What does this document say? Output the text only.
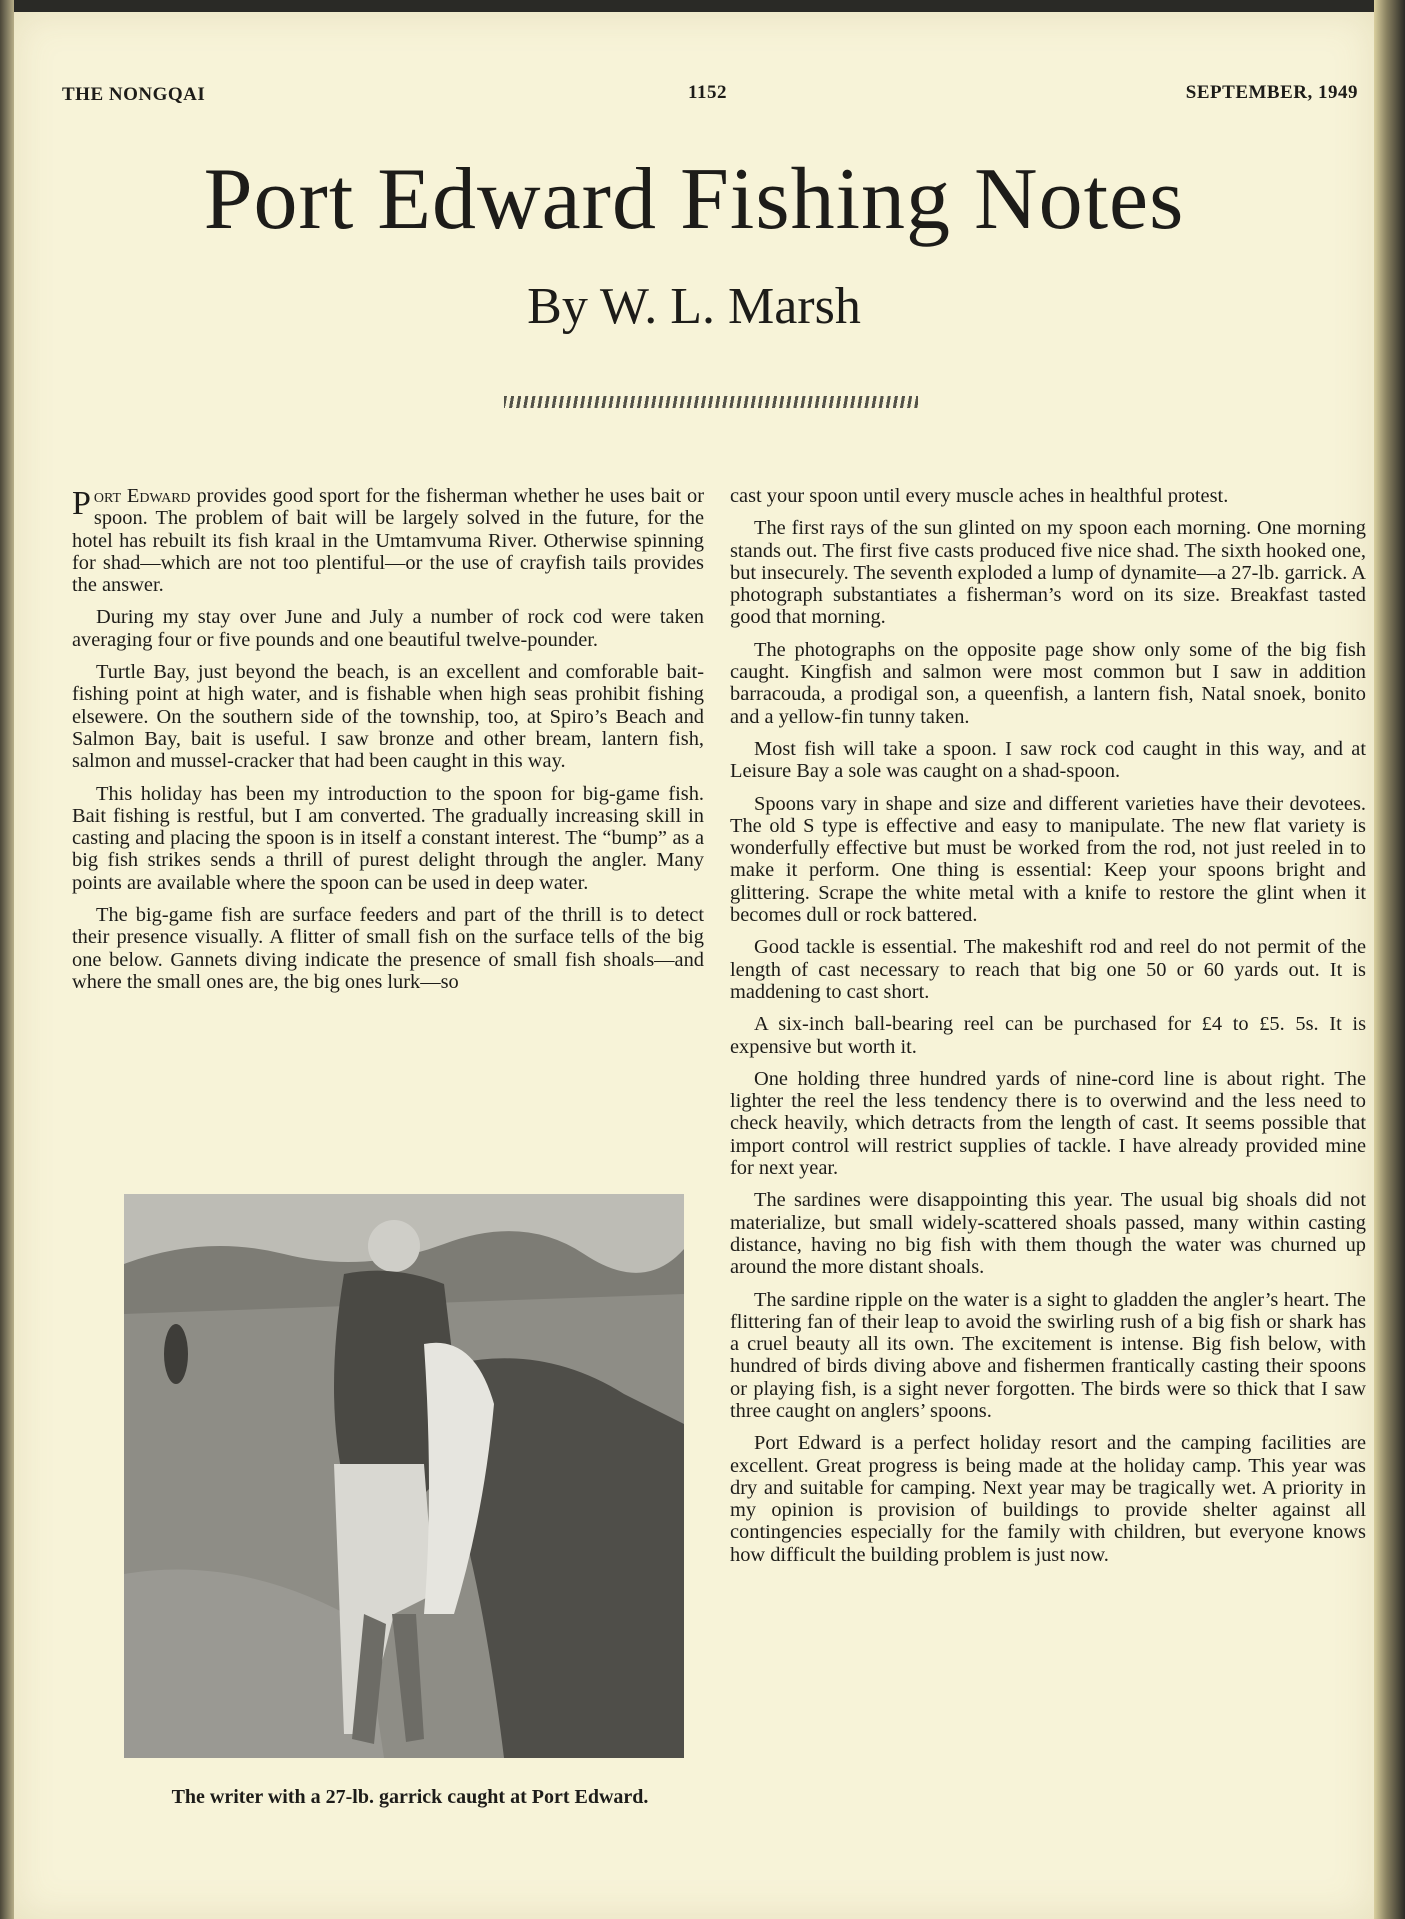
THE NONGQAI	1152	SEPTEMBER, 1949
Port Edward Fishing Notes
By W. L. Marsh

Port Edward provides good sport for the fisherman whether he uses bait or spoon. The problem of bait will be largely solved in the future, for the hotel has rebuilt its fish kraal in the Umtamvuma River. Otherwise spinning for shad—which are not too plentiful—or the use of crayfish tails provides the answer.

During my stay over June and July a number of rock cod were taken averaging four or five pounds and one beautiful twelve-pounder.

Turtle Bay, just beyond the beach, is an excellent and comforable bait-fishing point at high water, and is fishable when high seas prohibit fishing elsewere. On the southern side of the township, too, at Spiro’s Beach and Salmon Bay, bait is useful. I saw bronze and other bream, lantern fish, salmon and mussel-cracker that had been caught in this way.

This holiday has been my introduction to the spoon for big-game fish. Bait fishing is restful, but I am converted. The gradually increasing skill in casting and placing the spoon is in itself a constant interest. The “bump” as a big fish strikes sends a thrill of purest delight through the angler. Many points are available where the spoon can be used in deep water.

The big-game fish are surface feeders and part of the thrill is to detect their presence visually. A flitter of small fish on the surface tells of the big one below. Gannets diving indicate the presence of small fish shoals—and where the small ones are, the big ones lurk—so

cast your spoon until every muscle aches in healthful protest.

The first rays of the sun glinted on my spoon each morning. One morning stands out. The first five casts produced five nice shad. The sixth hooked one, but insecurely. The seventh exploded a lump of dynamite—a 27-lb. garrick. A photograph substantiates a fisherman’s word on its size. Breakfast tasted good that morning.

The photographs on the opposite page show only some of the big fish caught. Kingfish and salmon were most common but I saw in addition barracouda, a prodigal son, a queenfish, a lantern fish, Natal snoek, bonito and a yellow-fin tunny taken.

Most fish will take a spoon. I saw rock cod caught in this way, and at Leisure Bay a sole was caught on a shad-spoon.

Spoons vary in shape and size and different varieties have their devotees. The old S type is effective and easy to manipulate. The new flat variety is wonderfully effective but must be worked from the rod, not just reeled in to make it perform. One thing is essential: Keep your spoons bright and glittering. Scrape the white metal with a knife to restore the glint when it becomes dull or rock battered.

Good tackle is essential. The makeshift rod and reel do not permit of the length of cast necessary to reach that big one 50 or 60 yards out. It is maddening to cast short.

A six-inch ball-bearing reel can be purchased for £4 to £5. 5s. It is expensive but worth it.

One holding three hundred yards of nine-cord line is about right. The lighter the reel the less tendency there is to overwind and the less need to check heavily, which detracts from the length of cast. It seems possible that import control will restrict supplies of tackle. I have already provided mine for next year.

The sardines were disappointing this year. The usual big shoals did not materialize, but small widely-scattered shoals passed, many within casting distance, having no big fish with them though the water was churned up around the more distant shoals.

The sardine ripple on the water is a sight to gladden the angler’s heart. The flittering fan of their leap to avoid the swirling rush of a big fish or shark has a cruel beauty all its own. The excitement is intense. Big fish below, with hundred of birds diving above and fishermen frantically casting their spoons or playing fish, is a sight never forgotten. The birds were so thick that I saw three caught on anglers’ spoons.

Port Edward is a perfect holiday resort and the camping facilities are excellent. Great progress is being made at the holiday camp. This year was dry and suitable for camping. Next year may be tragically wet. A priority in my opinion is provision of buildings to provide shelter against all contingencies especially for the family with children, but everyone knows how difficult the building problem is just now.

The writer with a 27-lb. garrick caught at Port Edward.
